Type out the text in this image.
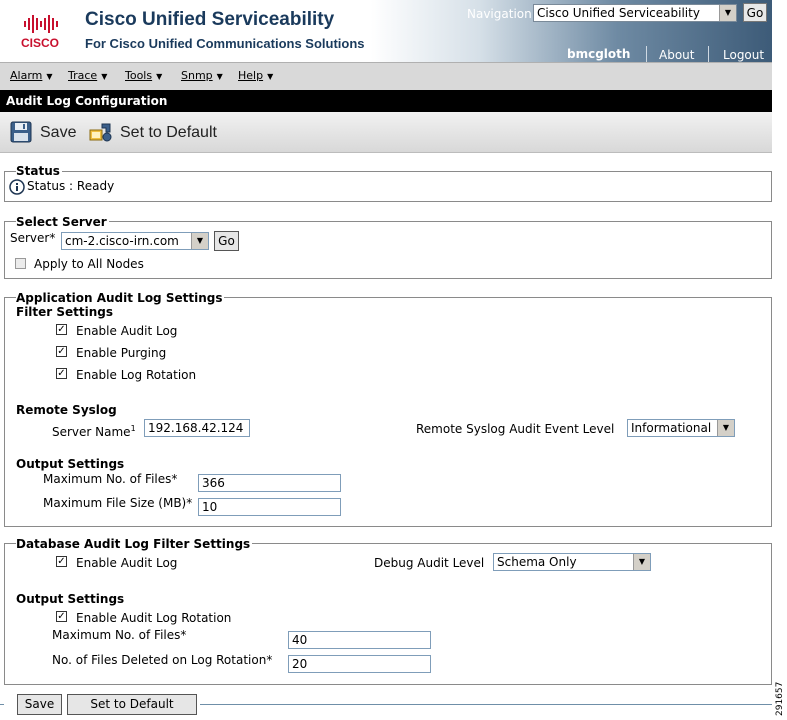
CISCO
Cisco Unified Serviceability
For Cisco Unified Communications Solutions
Navigation Cisco Unified Serviceability	▼	Go
bmcgloth About Logout
Alarm ▼ Trace ▼ Tools ▼ Snmp ▼ Help ▼
Audit Log Configuration
Save	Set to Default
Status
Status : Ready
Select Server
Server* cm-2.cisco-irn.com	▼	Go
Apply to All Nodes
Application Audit Log Settings
Filter Settings
✓ Enable Audit Log
✓ Enable Purging
✓ Enable Log Rotation
Remote Syslog
Server Name$^1$	192.168.42.124	Remote Syslog Audit Event Level Informational	▼
Output Settings
Maximum No. of Files*	366
Maximum File Size (MB)* 10
Database Audit Log Filter Settings
✓ Enable Audit Log	Debug Audit Level Schema Only	▼
Output Settings
✓ Enable Audit Log Rotation
Maximum No. of Files*	40
No. of Files Deleted on Log Rotation*	20
Save	Set to Default	291657
